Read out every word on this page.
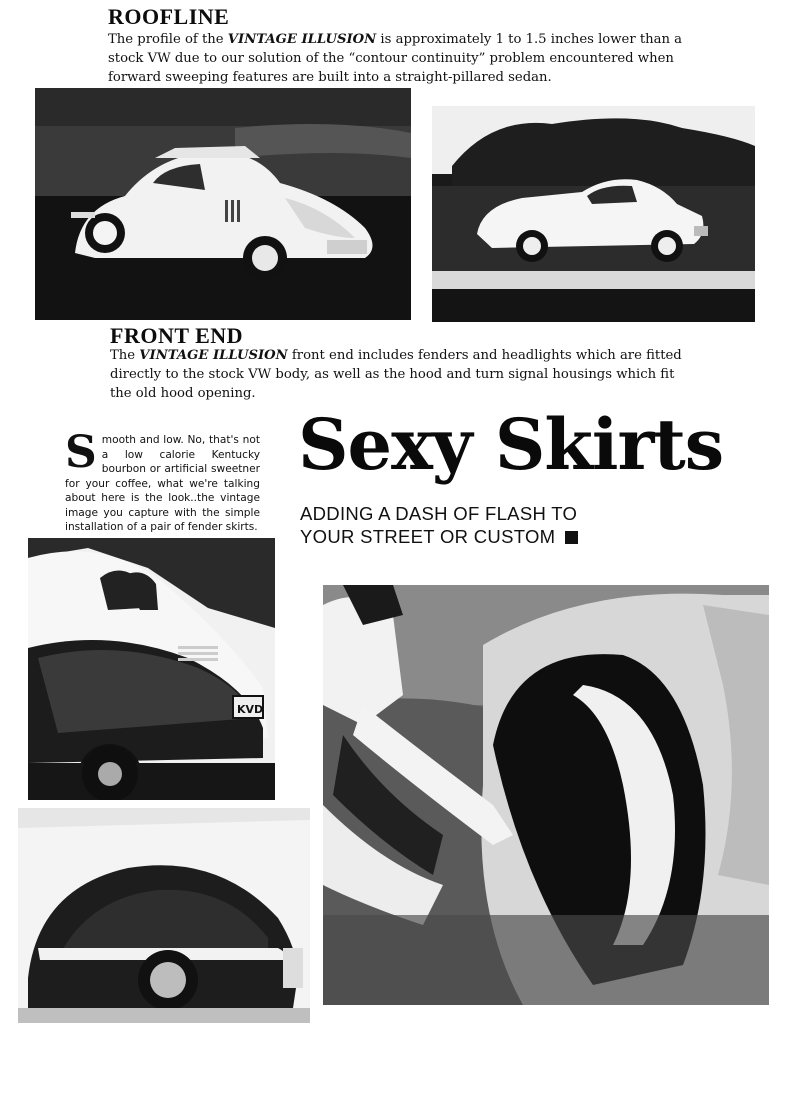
ROOFLINE

The profile of the VINTAGE ILLUSION is approximately 1 to 1.5 inches lower than a stock VW due to our solution of the “contour continuity” problem encountered when forward sweeping features are built into a straight-pillared sedan.

FRONT END

The VINTAGE ILLUSION front end includes fenders and headlights which are fitted directly to the stock VW body, as well as the hood and turn signal housings which fit the old hood opening.

Smooth and low. No, that's not a low calorie Kentucky bourbon or artificial sweetner for your coffee, what we're talking about here is the look..the vintage image you capture with the simple installation of a pair of fender skirts.

Sexy Skirts

ADDING A DASH OF FLASH TO

YOUR STREET OR CUSTOM

KVD
